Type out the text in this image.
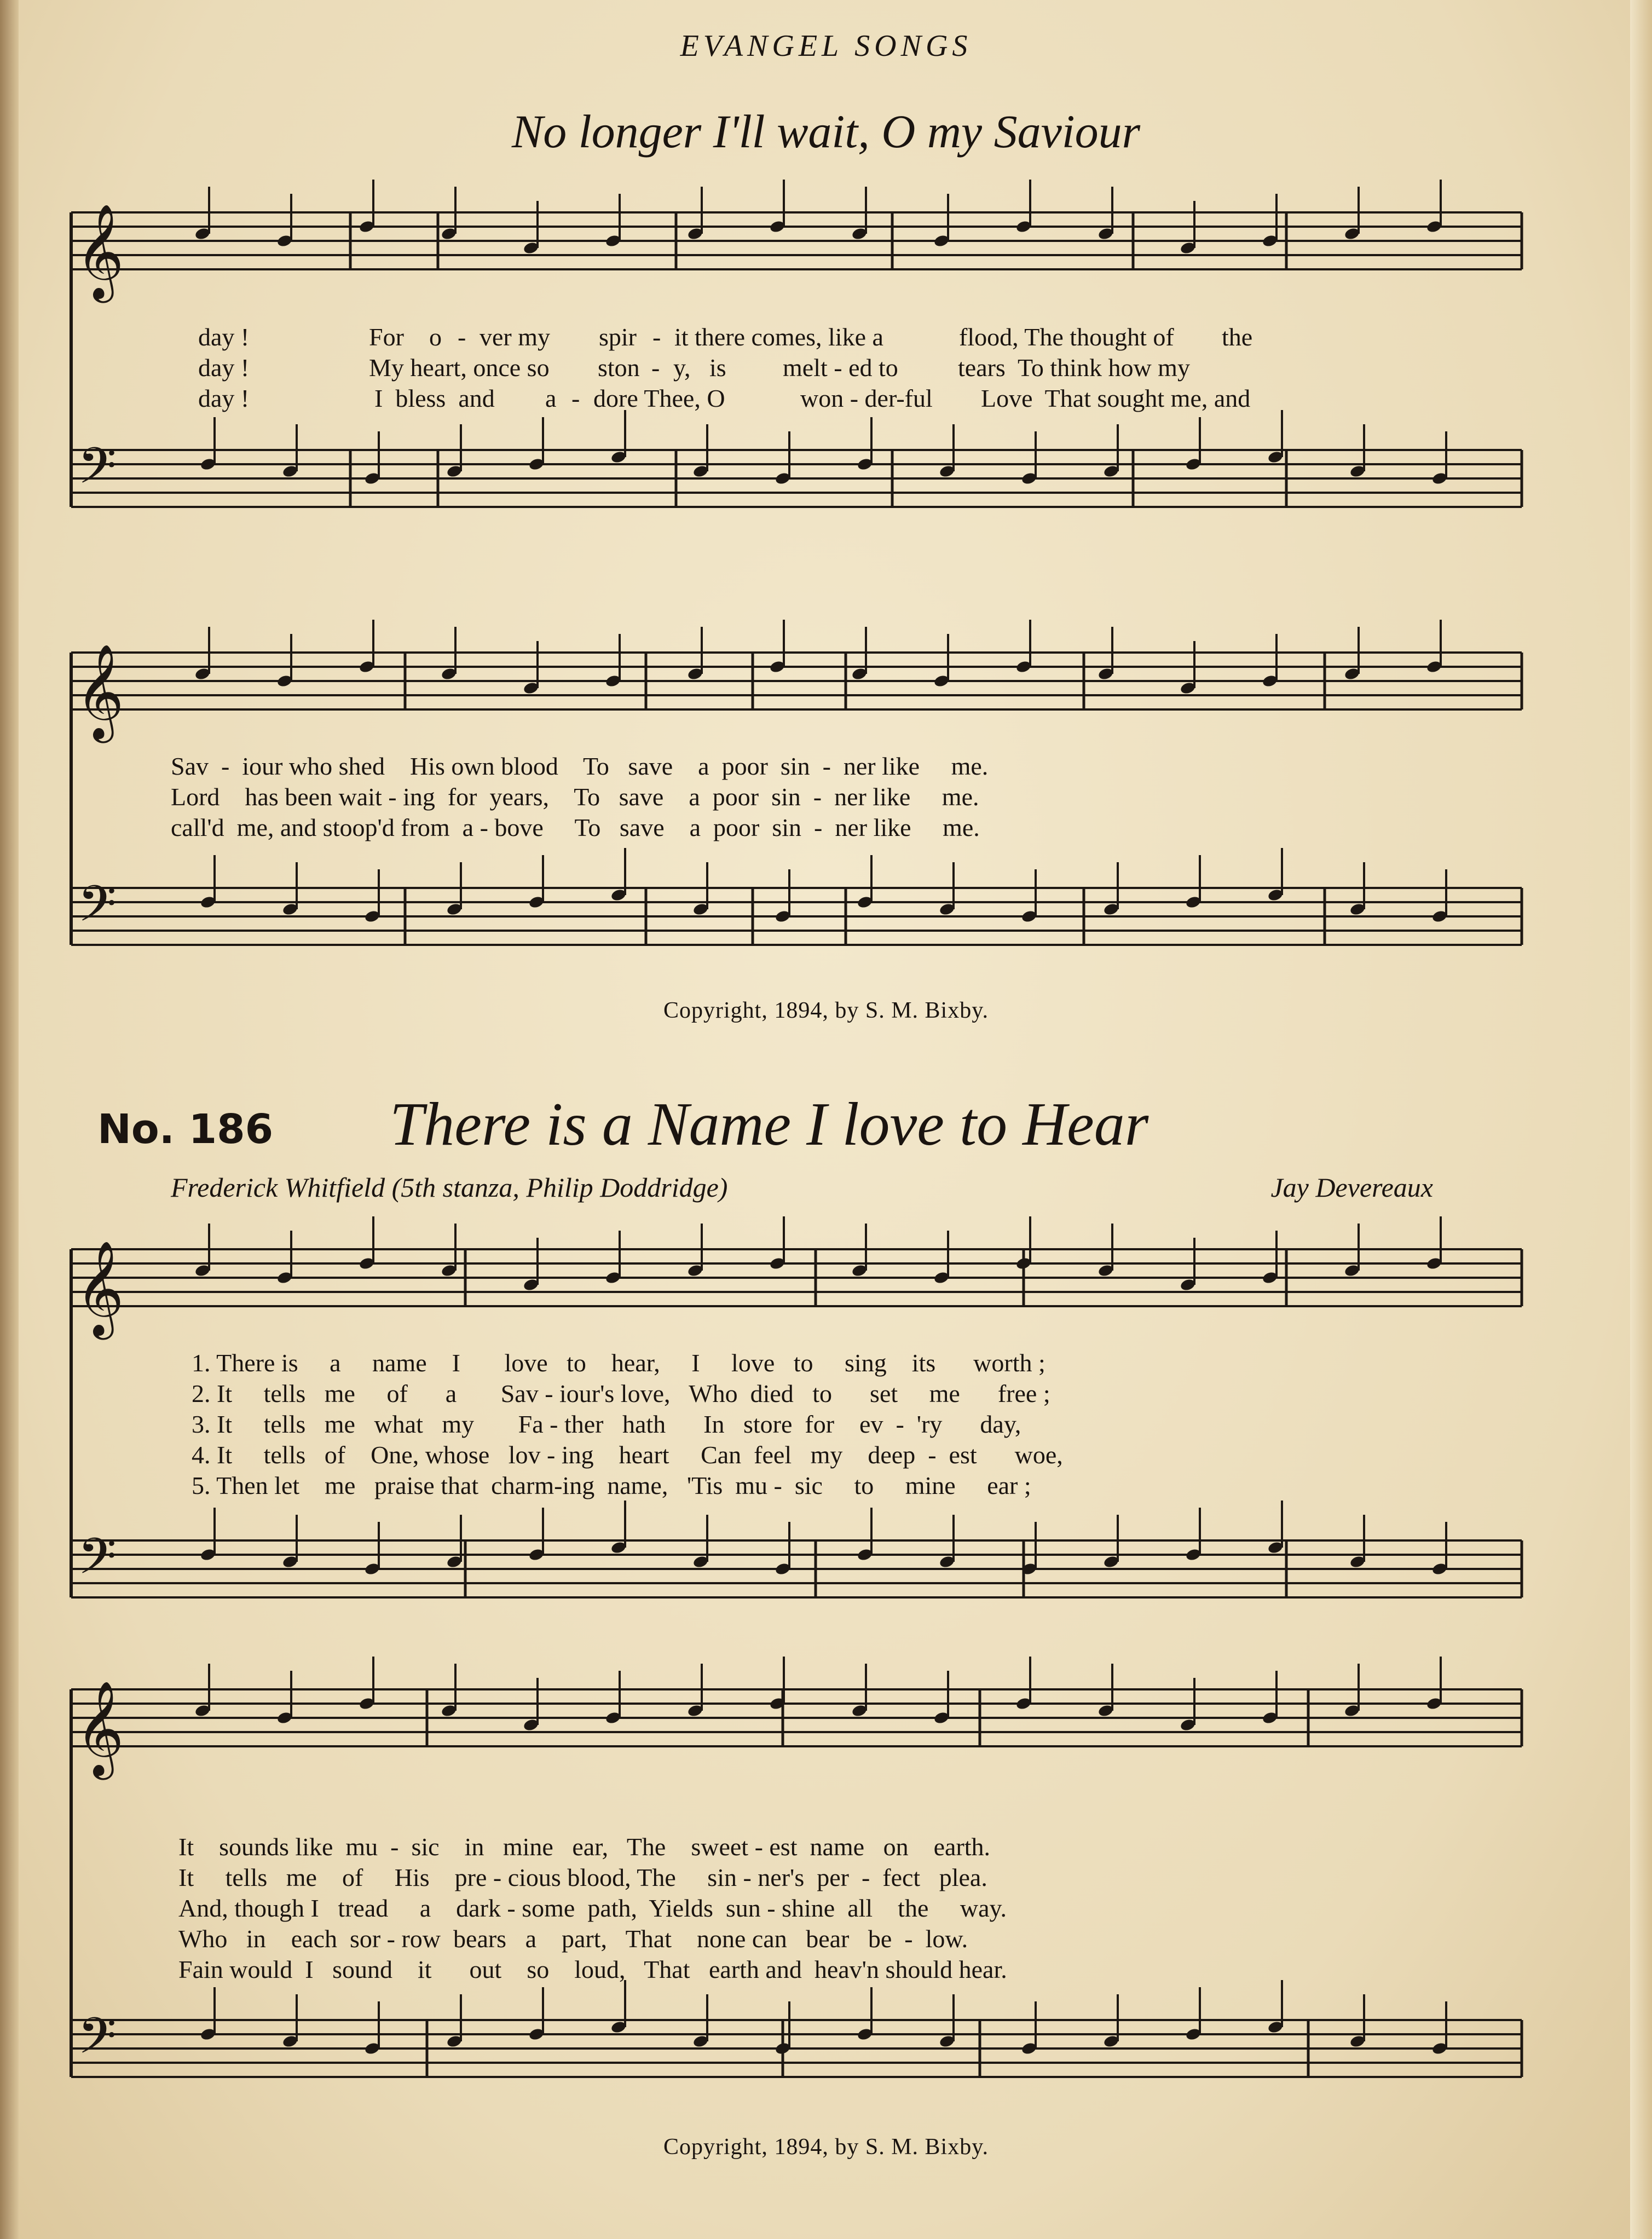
EVANGEL SONGS
No longer I'll wait, O my Saviour
𝄞
𝄢
𝄞
𝄢
𝄞
𝄢
𝄞
𝄢
day !	For	o - ver my	spir - it there comes, like a	flood, The thought of	the
day !	My heart, once so	ston - y,   is	melt - ed to	tears  To think how my
day !	I  bless  and	a - dore Thee, O	won - der-ful	Love  That sought me, and
Sav  -  iour who shed    His own blood    To   save    a  poor  sin  -  ner like     me.
Lord    has been wait - ing  for  years,    To   save    a  poor  sin  -  ner like     me.
call'd  me, and stoop'd from  a - bove     To   save    a  poor  sin  -  ner like     me.
Copyright, 1894, by S. M. Bixby.
No. 186 There is a Name I love to Hear
Frederick Whitfield (5th stanza, Philip Doddridge)	Jay Devereaux
1. There is     a     name    I       love   to    hear,     I     love   to     sing    its      worth ;
2. It     tells   me     of      a       Sav - iour's love,   Who  died   to      set     me      free ;
3. It     tells   me   what   my       Fa - ther   hath      In   store  for    ev  -  'ry      day,
4. It     tells   of    One, whose   lov - ing    heart     Can  feel   my    deep  -  est      woe,
5. Then let    me   praise that  charm-ing  name,   'Tis  mu -  sic     to     mine     ear ;
It    sounds like  mu  -  sic    in   mine   ear,   The    sweet - est  name   on    earth.
It     tells   me    of     His    pre - cious blood, The     sin - ner's  per  -  fect   plea.
And, though I   tread     a    dark - some  path,  Yields  sun - shine  all    the     way.
Who   in    each  sor - row  bears   a    part,   That    none can   bear   be  -  low.
Fain would  I   sound    it      out    so    loud,   That   earth and  heav'n should hear.
Copyright, 1894, by S. M. Bixby.
